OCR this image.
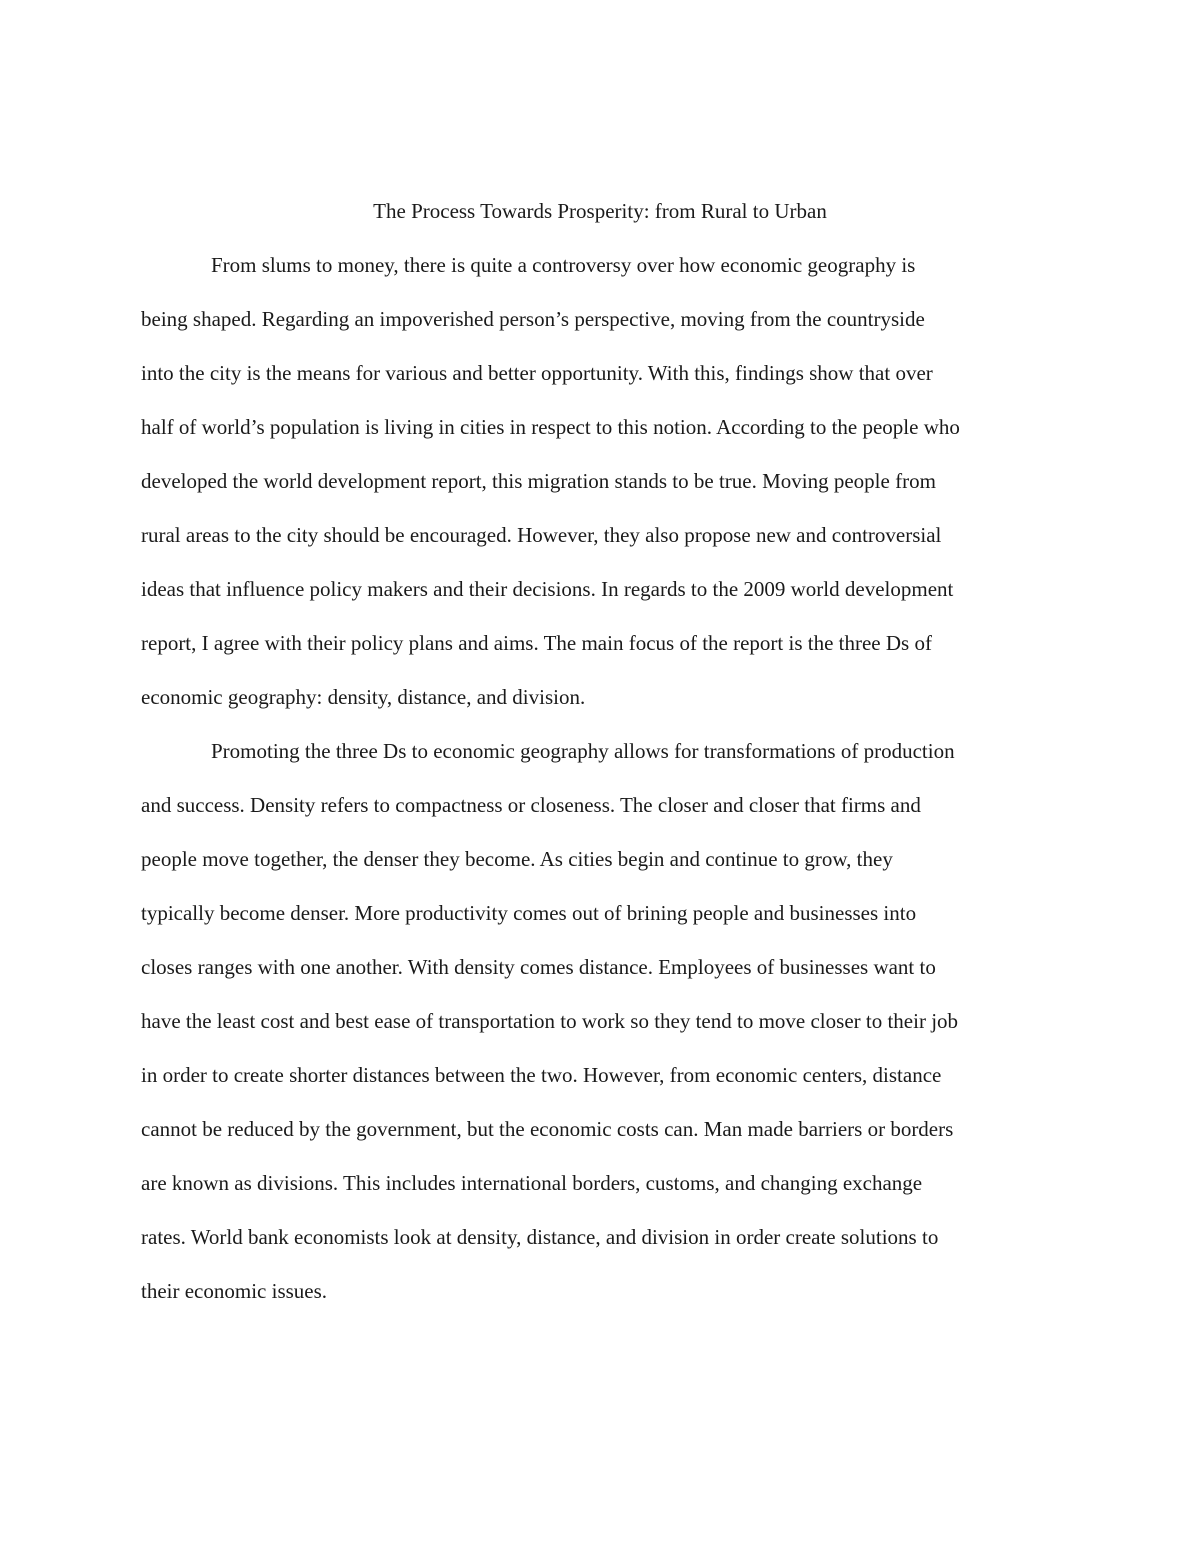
The Process Towards Prosperity: from Rural to Urban
From slums to money, there is quite a controversy over how economic geography is
being shaped. Regarding an impoverished person’s perspective, moving from the countryside
into the city is the means for various and better opportunity. With this, findings show that over
half of world’s population is living in cities in respect to this notion. According to the people who
developed the world development report, this migration stands to be true. Moving people from
rural areas to the city should be encouraged. However, they also propose new and controversial
ideas that influence policy makers and their decisions. In regards to the 2009 world development
report, I agree with their policy plans and aims. The main focus of the report is the three Ds of
economic geography: density, distance, and division.
Promoting the three Ds to economic geography allows for transformations of production
and success. Density refers to compactness or closeness. The closer and closer that firms and
people move together, the denser they become. As cities begin and continue to grow, they
typically become denser. More productivity comes out of brining people and businesses into
closes ranges with one another. With density comes distance. Employees of businesses want to
have the least cost and best ease of transportation to work so they tend to move closer to their job
in order to create shorter distances between the two. However, from economic centers, distance
cannot be reduced by the government, but the economic costs can. Man made barriers or borders
are known as divisions. This includes international borders, customs, and changing exchange
rates. World bank economists look at density, distance, and division in order create solutions to
their economic issues.
